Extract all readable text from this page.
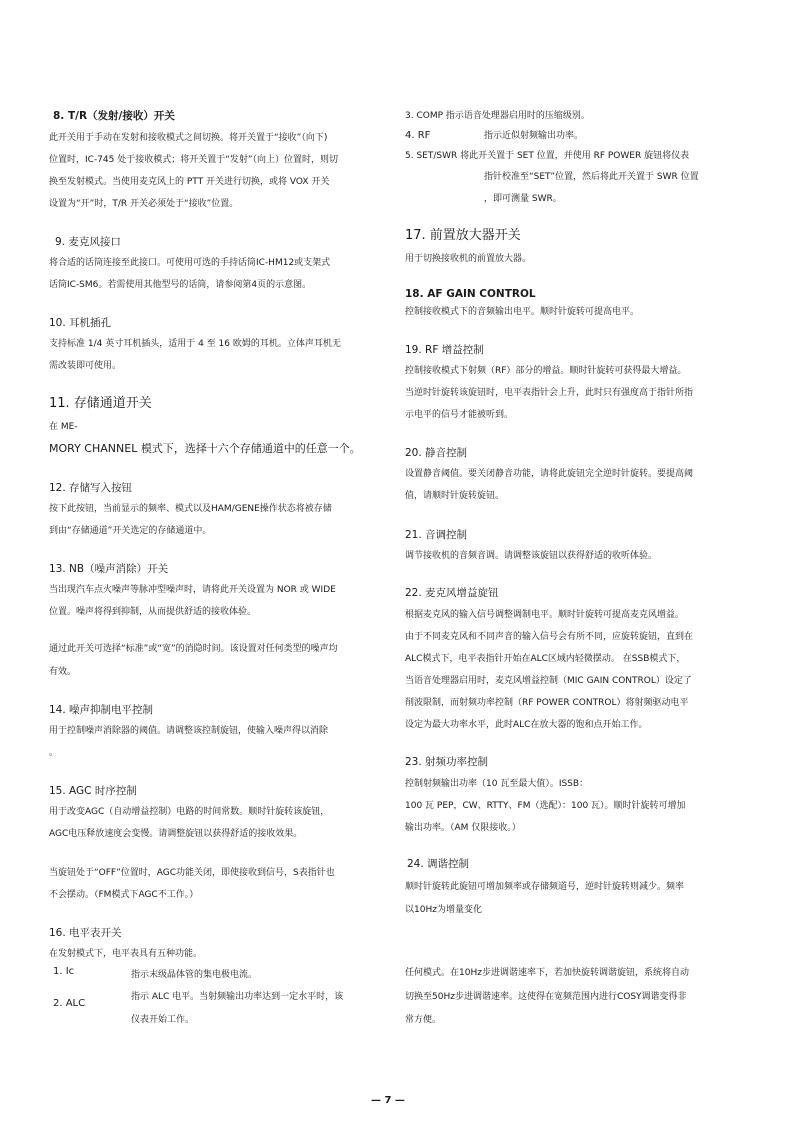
8. T/R（发射/接收）开关
此开关用于手动在发射和接收模式之间切换。将开关置于“接收”（向下)
位置时，IC-745 处于接收模式；将开关置于“发射”（向上）位置时，则切
换至发射模式。当使用麦克风上的 PTT 开关进行切换，或将 VOX 开关
设置为“开”时，T/R 开关必须处于“接收”位置。
9. 麦克风接口
将合适的话筒连接至此接口。可使用可选的手持话筒IC-HM12或支架式
话筒IC-SM6。若需使用其他型号的话筒，请参阅第4页的示意图。
10. 耳机插孔
支持标准 1/4 英寸耳机插头，适用于 4 至 16 欧姆的耳机。立体声耳机无
需改装即可使用。
11. 存储通道开关
在 ME-
MORY CHANNEL 模式下，选择十六个存储通道中的任意一个。
12. 存储写入按钮
按下此按钮，当前显示的频率、模式以及HAM/GENE操作状态将被存储
到由“存储通道”开关选定的存储通道中。
13. NB（噪声消除）开关
当出现汽车点火噪声等脉冲型噪声时，请将此开关设置为 NOR 或 WIDE
位置。噪声将得到抑制，从而提供舒适的接收体验。
通过此开关可选择“标准”或“宽”的消隐时间。该设置对任何类型的噪声均
有效。
14. 噪声抑制电平控制
用于控制噪声消除器的阈值。请调整该控制旋钮，使输入噪声得以消除
。
15. AGC 时序控制
用于改变AGC（自动增益控制）电路的时间常数。顺时针旋转该旋钮，
AGC电压释放速度会变慢。请调整旋钮以获得舒适的接收效果。
当旋钮处于“OFF”位置时，AGC功能关闭，即使接收到信号，S表指针也
不会摆动。（FM模式下AGC不工作。）
16. 电平表开关
在发射模式下，电平表具有五种功能。
1. Ic	指示末级晶体管的集电极电流。
2. ALC
指示 ALC 电平。当射频输出功率达到一定水平时，该
仪表开始工作。
3. COMP 指示语音处理器启用时的压缩级别。
4. RF	指示近似射频输出功率。
5. SET/SWR 将此开关置于 SET 位置，并使用 RF POWER 旋钮将仪表
指针校准至“SET”位置，然后将此开关置于 SWR 位置
，即可测量 SWR。
17. 前置放大器开关
用于切换接收机的前置放大器。
18. AF GAIN CONTROL
控制接收模式下的音频输出电平。顺时针旋转可提高电平。
19. RF 增益控制
控制接收模式下射频（RF）部分的增益。顺时针旋转可获得最大增益。
当逆时针旋转该旋钮时，电平表指针会上升，此时只有强度高于指针所指
示电平的信号才能被听到。
20. 静音控制
设置静音阈值。要关闭静音功能，请将此旋钮完全逆时针旋转。要提高阈
值，请顺时针旋转旋钮。
21. 音调控制
调节接收机的音频音调。请调整该旋钮以获得舒适的收听体验。
22. 麦克风增益旋钮
根据麦克风的输入信号调整调制电平。顺时针旋转可提高麦克风增益。
由于不同麦克风和不同声音的输入信号会有所不同，应旋转旋钮，直到在
ALC模式下，电平表指针开始在ALC区域内轻微摆动。 在SSB模式下，
当语音处理器启用时，麦克风增益控制（MIC GAIN CONTROL）设定了
削波限制，而射频功率控制（RF POWER CONTROL）将射频驱动电平
设定为最大功率水平，此时ALC在放大器的饱和点开始工作。
23. 射频功率控制
控制射频输出功率（10 瓦至最大值）。ISSB：
100 瓦 PEP，CW、RTTY、FM（选配）：100 瓦）。顺时针旋转可增加
输出功率。（AM 仅限接收。）
24. 调谐控制
顺时针旋转此旋钮可增加频率或存储频道号，逆时针旋转则减少。频率
以10Hz为增量变化
任何模式。在10Hz步进调谐速率下，若加快旋转调谐旋钮，系统将自动
切换至50Hz步进调谐速率。这使得在宽频范围内进行COSY调谐变得非
常方便。
— 7 —
